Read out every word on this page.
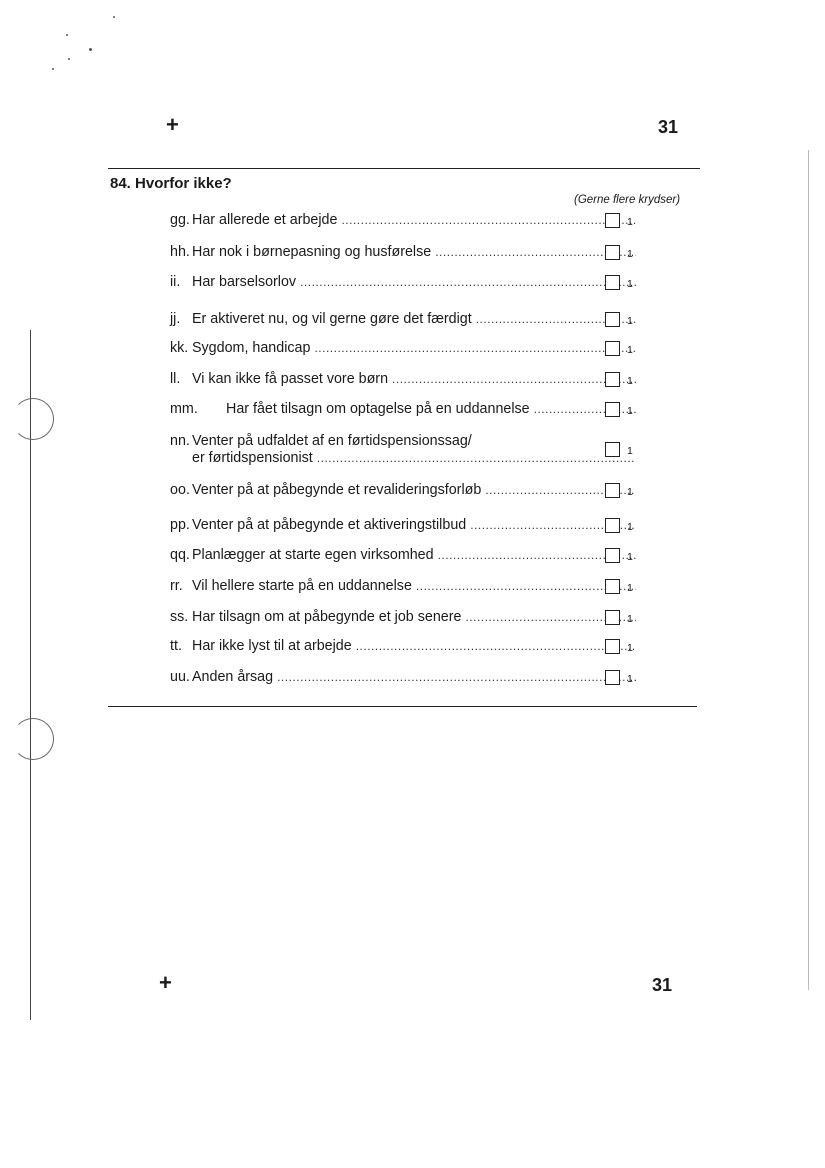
+	31
84. Hvorfor ikke?
(Gerne flere krydser)
gg. Har allerede et arbejde .....	1
hh. Har nok i børnepasning og husførelse .....	1
ii. Har barselsorlov .....	1
jj. Er aktiveret nu, og vil gerne gøre det færdigt .....	1
kk. Sygdom, handicap .....	1
ll. Vi kan ikke få passet vore børn .....	1
mm.	Har fået tilsagn om optagelse på en uddannelse .....	1
nn. Venter på udfaldet af en førtidspensionssag/
er førtidspensionist .....	1
oo. Venter på at påbegynde et revalideringsforløb .....	1
pp. Venter på at påbegynde et aktiveringstilbud .....	1
qq. Planlægger at starte egen virksomhed .....	1
rr. Vil hellere starte på en uddannelse .....	1
ss. Har tilsagn om at påbegynde et job senere .....	1
tt. Har ikke lyst til at arbejde .....	1
uu. Anden årsag .....	1
+	31
